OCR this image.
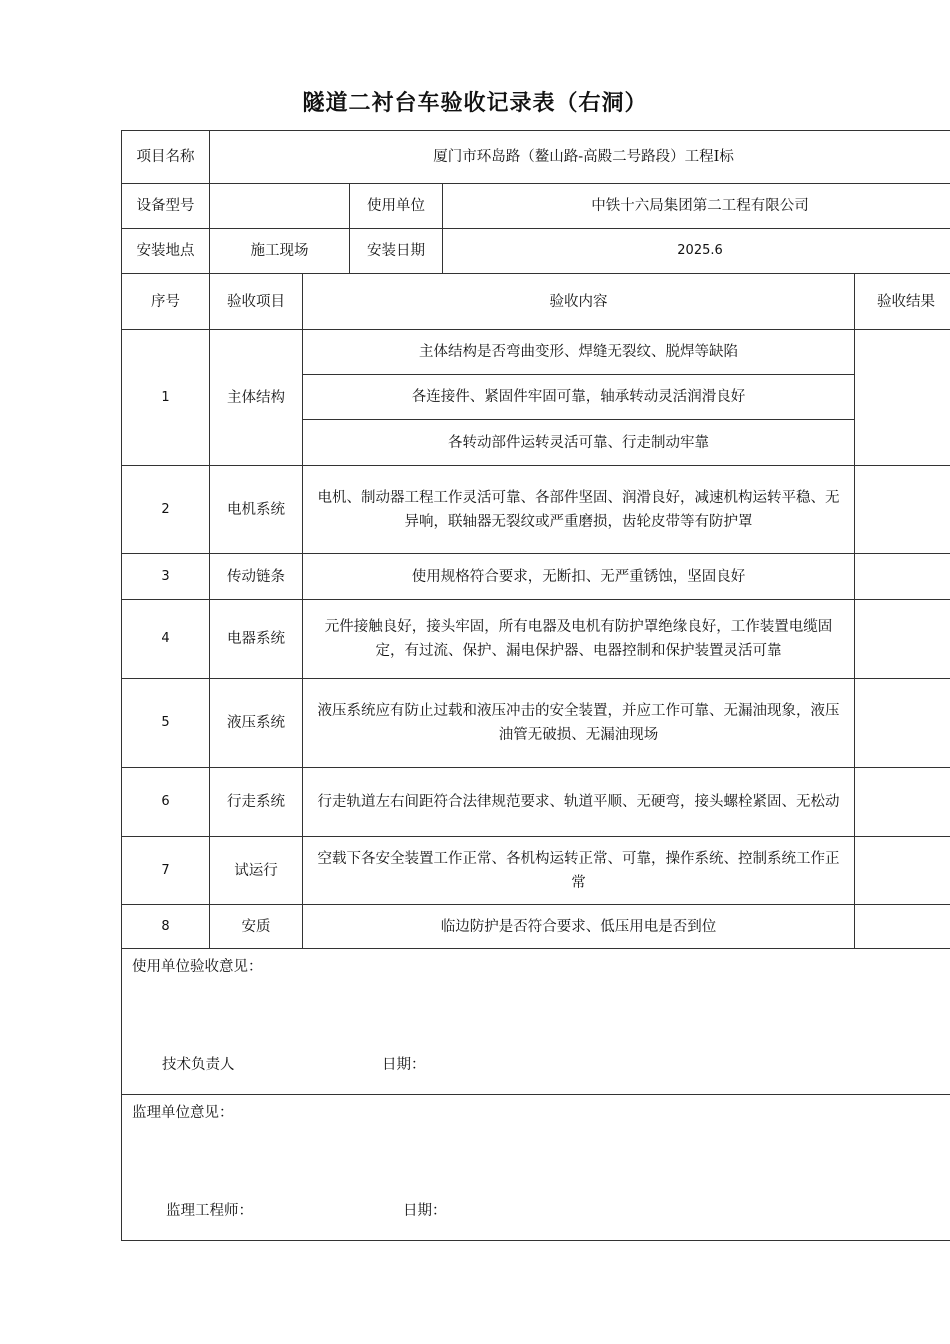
隧道二衬台车验收记录表（右洞）
项目名称	厦门市环岛路（鳌山路-高殿二号路段）工程Ⅰ标				
设备型号			使用单位	中铁十六局集团第二工程有限公司	
安装地点	施工现场		安装日期	2025.6	
序号	验收项目	验收内容			验收结果
1	主体结构	主体结构是否弯曲变形、焊缝无裂纹、脱焊等缺陷			
		各连接件、紧固件牢固可靠，轴承转动灵活润滑良好			
		各转动部件运转灵活可靠、行走制动牢靠			
2	电机系统	电机、制动器工程工作灵活可靠、各部件坚固、润滑良好，减速机构运转平稳、无异响，联轴器无裂纹或严重磨损，齿轮皮带等有防护罩			
3	传动链条	使用规格符合要求，无断扣、无严重锈蚀，坚固良好			
4	电器系统	元件接触良好，接头牢固，所有电器及电机有防护罩绝缘良好，工作装置电缆固定，有过流、保护、漏电保护器、电器控制和保护装置灵活可靠			
5	液压系统	液压系统应有防止过载和液压冲击的安全装置，并应工作可靠、无漏油现象，液压油管无破损、无漏油现场			
6	行走系统	行走轨道左右间距符合法律规范要求、轨道平顺、无硬弯，接头螺栓紧固、无松动			
7	试运行	空载下各安全装置工作正常、各机构运转正常、可靠，操作系统、控制系统工作正常			
8	安质	临边防护是否符合要求、低压用电是否到位			

使用单位验收意见：
技术负责人 日期：					

监理单位意见：
监理工程师： 日期：					
